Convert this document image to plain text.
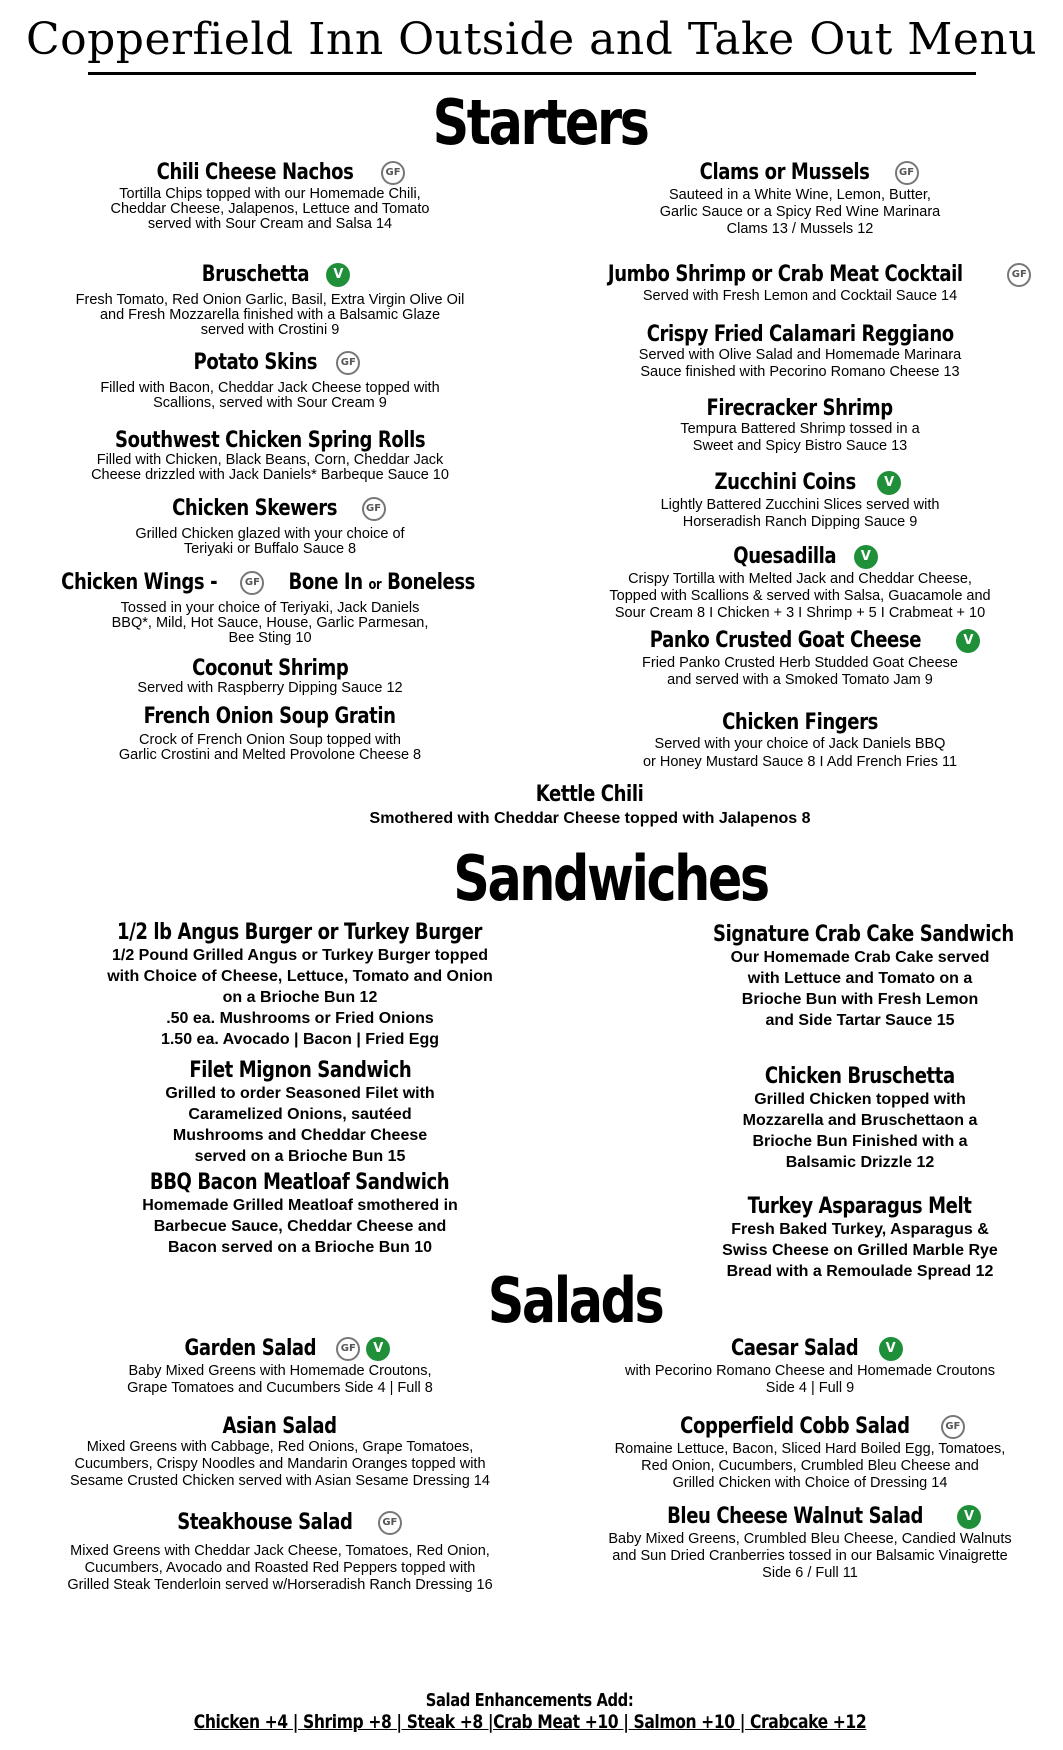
Copperfield Inn Outside and Take Out Menu
Starters
Chili Cheese Nachos	GF
Tortilla Chips topped with our Homemade Chili,
Cheddar Cheese, Jalapenos, Lettuce and Tomato
served with Sour Cream and Salsa 14
Bruschetta V
Fresh Tomato, Red Onion Garlic, Basil, Extra Virgin Olive Oil
and Fresh Mozzarella finished with a Balsamic Glaze
served with Crostini 9
Potato Skins GF
Filled with Bacon, Cheddar Jack Cheese topped with
Scallions, served with Sour Cream 9
Southwest Chicken Spring Rolls
Filled with Chicken, Black Beans, Corn, Cheddar Jack
Cheese drizzled with Jack Daniels* Barbeque Sauce 10
Chicken Skewers	GF
Grilled Chicken glazed with your choice of
Teriyaki or Buffalo Sauce 8
Chicken Wings -	GF Bone In or Boneless
Tossed in your choice of Teriyaki, Jack Daniels
BBQ*, Mild, Hot Sauce, House, Garlic Parmesan,
Bee Sting 10
Coconut Shrimp
Served with Raspberry Dipping Sauce 12
French Onion Soup Gratin
Crock of French Onion Soup topped with
Garlic Crostini and Melted Provolone Cheese 8
Clams or Mussels	GF
Sauteed in a White Wine, Lemon, Butter,
Garlic Sauce or a Spicy Red Wine Marinara
Clams 13 / Mussels 12
Jumbo Shrimp or Crab Meat Cocktail	GF
Served with Fresh Lemon and Cocktail Sauce 14
Crispy Fried Calamari Reggiano
Served with Olive Salad and Homemade Marinara
Sauce finished with Pecorino Romano Cheese 13
Firecracker Shrimp
Tempura Battered Shrimp tossed in a
Sweet and Spicy Bistro Sauce 13
Zucchini Coins V
Lightly Battered Zucchini Slices served with
Horseradish Ranch Dipping Sauce 9
Quesadilla V
Crispy Tortilla with Melted Jack and Cheddar Cheese,
Topped with Scallions & served with Salsa, Guacamole and
Sour Cream 8 I Chicken + 3 I Shrimp + 5 I Crabmeat + 10
Panko Crusted Goat Cheese	V
Fried Panko Crusted Herb Studded Goat Cheese
and served with a Smoked Tomato Jam 9
Chicken Fingers
Served with your choice of Jack Daniels BBQ
or Honey Mustard Sauce 8 I Add French Fries 11
Kettle Chili
Smothered with Cheddar Cheese topped with Jalapenos 8
Sandwiches
1/2 lb Angus Burger or Turkey Burger
1/2 Pound Grilled Angus or Turkey Burger topped
with Choice of Cheese, Lettuce, Tomato and Onion
on a Brioche Bun 12
.50 ea. Mushrooms or Fried Onions
1.50 ea. Avocado | Bacon | Fried Egg
Filet Mignon Sandwich
Grilled to order Seasoned Filet with
Caramelized Onions, sautéed
Mushrooms and Cheddar Cheese
served on a Brioche Bun 15
BBQ Bacon Meatloaf Sandwich
Homemade Grilled Meatloaf smothered in
Barbecue Sauce, Cheddar Cheese and
Bacon served on a Brioche Bun 10
Signature Crab Cake Sandwich
Our Homemade Crab Cake served
with Lettuce and Tomato on a
Brioche Bun with Fresh Lemon
and Side Tartar Sauce 15
Chicken Bruschetta
Grilled Chicken topped with
Mozzarella and Bruschettaon a
Brioche Bun Finished with a
Balsamic Drizzle 12
Turkey Asparagus Melt
Fresh Baked Turkey, Asparagus &
Swiss Cheese on Grilled Marble Rye
Bread with a Remoulade Spread 12
Salads
Garden Salad GF V
Baby Mixed Greens with Homemade Croutons,
Grape Tomatoes and Cucumbers Side 4 | Full 8
Asian Salad
Mixed Greens with Cabbage, Red Onions, Grape Tomatoes,
Cucumbers, Crispy Noodles and Mandarin Oranges topped with
Sesame Crusted Chicken served with Asian Sesame Dressing 14
Steakhouse Salad	GF
Mixed Greens with Cheddar Jack Cheese, Tomatoes, Red Onion,
Cucumbers, Avocado and Roasted Red Peppers topped with
Grilled Steak Tenderloin served w/Horseradish Ranch Dressing 16
Caesar Salad V
with Pecorino Romano Cheese and Homemade Croutons
Side 4 | Full 9
Copperfield Cobb Salad	GF
Romaine Lettuce, Bacon, Sliced Hard Boiled Egg, Tomatoes,
Red Onion, Cucumbers, Crumbled Bleu Cheese and
Grilled Chicken with Choice of Dressing 14
Bleu Cheese Walnut Salad	V
Baby Mixed Greens, Crumbled Bleu Cheese, Candied Walnuts
and Sun Dried Cranberries tossed in our Balsamic Vinaigrette
Side 6 / Full 11
Salad Enhancements Add:
Chicken +4 | Shrimp +8 | Steak +8 |Crab Meat +10 | Salmon +10 | Crabcake +12
